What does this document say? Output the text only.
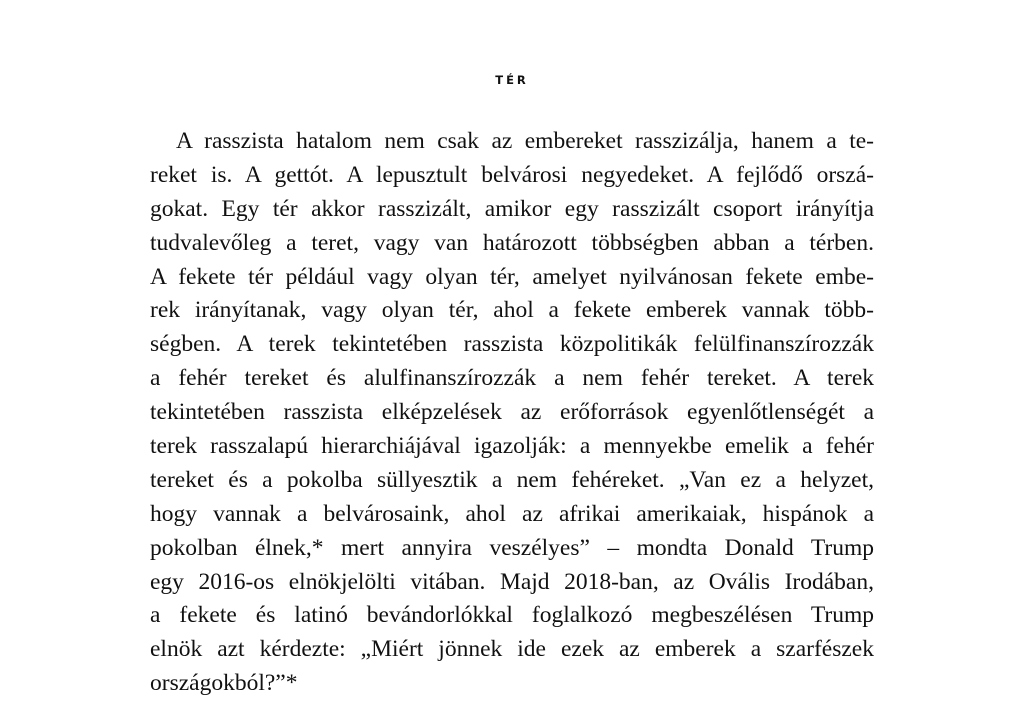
TÉR
A rasszista hatalom nem csak az embereket rasszizálja, hanem a te-
reket is. A gettót. A lepusztult belvárosi negyedeket. A fejlődő orszá-
gokat. Egy tér akkor rasszizált, amikor egy rasszizált csoport irányítja
tudvalevőleg a teret, vagy van határozott többségben abban a térben.
A fekete tér például vagy olyan tér, amelyet nyilvánosan fekete embe-
rek irányítanak, vagy olyan tér, ahol a fekete emberek vannak több-
ségben. A terek tekintetében rasszista közpolitikák felülfinanszírozzák
a fehér tereket és alulfinanszírozzák a nem fehér tereket. A terek
tekintetében rasszista elképzelések az erőforrások egyenlőtlenségét a
terek rasszalapú hierarchiájával igazolják: a mennyekbe emelik a fehér
tereket és a pokolba süllyesztik a nem fehéreket. „Van ez a helyzet,
hogy vannak a belvárosaink, ahol az afrikai amerikaiak, hispánok a
pokolban élnek,* mert annyira veszélyes” – mondta Donald Trump
egy 2016-os elnökjelölti vitában. Majd 2018-ban, az Ovális Irodában,
a fekete és latinó bevándorlókkal foglalkozó megbeszélésen Trump
elnök azt kérdezte: „Miért jönnek ide ezek az emberek a szarfészek
országokból?”*
